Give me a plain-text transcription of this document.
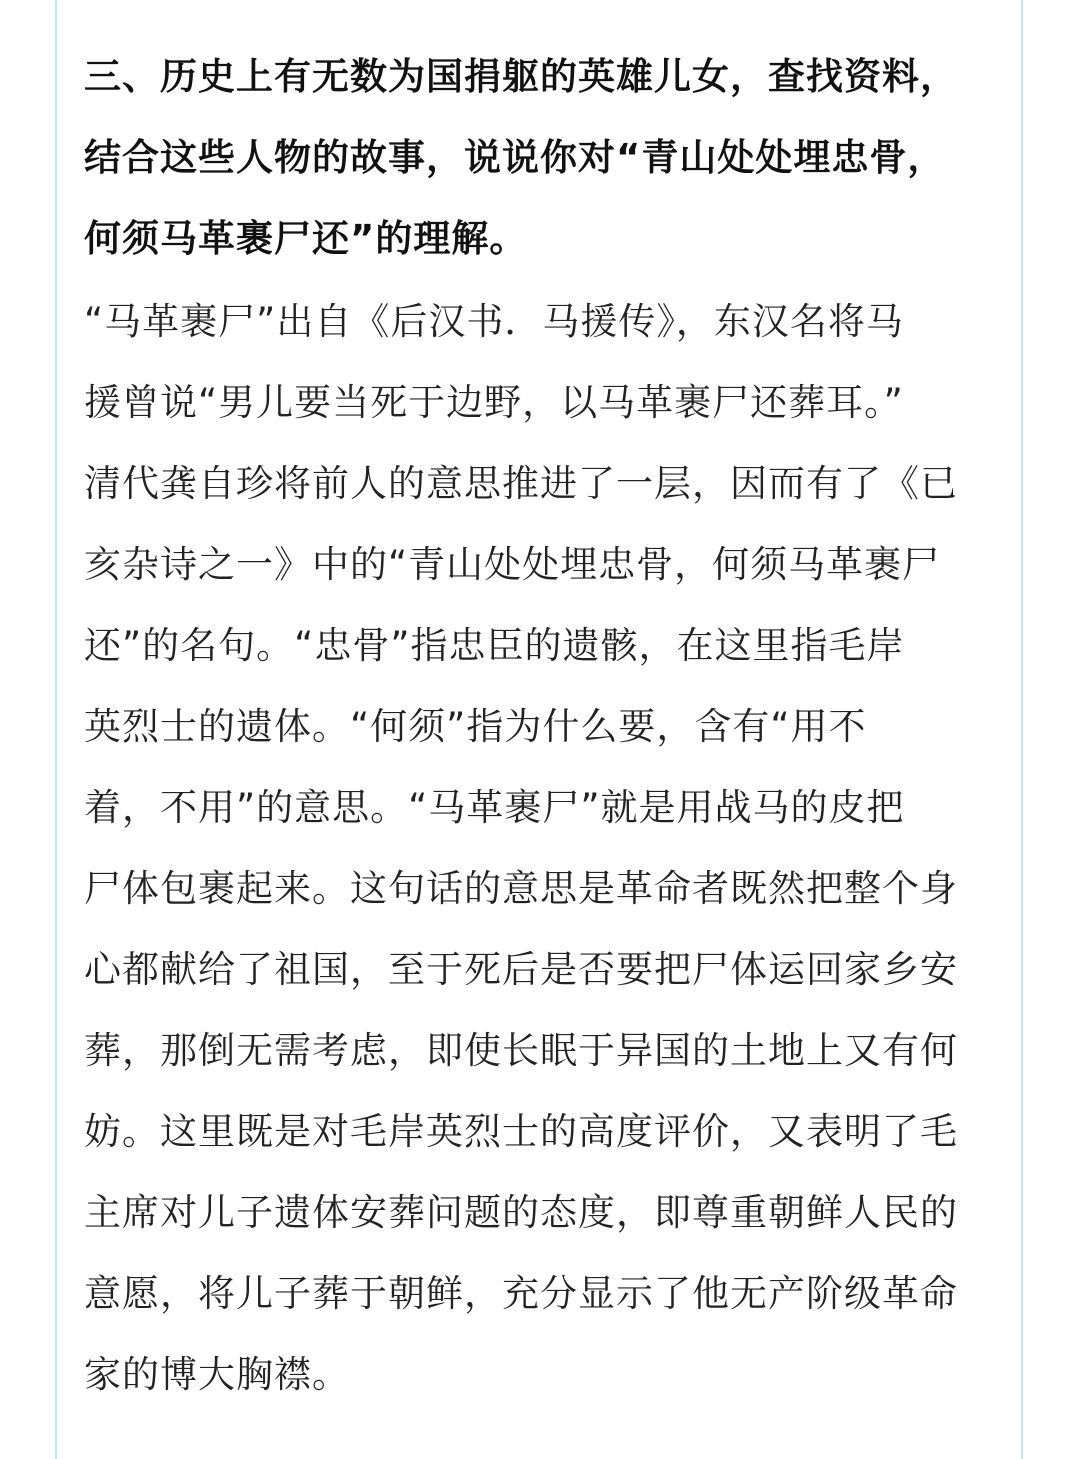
三、历史上有无数为国捐躯的英雄儿女，查找资料，
结合这些人物的故事，说说你对“青山处处埋忠骨，
何须马革裹尸还”的理解。

“马革裹尸”出自《后汉书．马援传》，东汉名将马
援曾说“男儿要当死于边野，以马革裹尸还葬耳。”
清代龚自珍将前人的意思推进了一层，因而有了《已
亥杂诗之一》中的“青山处处埋忠骨，何须马革裹尸
还”的名句。“忠骨”指忠臣的遗骸，在这里指毛岸
英烈士的遗体。“何须”指为什么要，含有“用不
着，不用”的意思。“马革裹尸”就是用战马的皮把
尸体包裹起来。这句话的意思是革命者既然把整个身
心都献给了祖国，至于死后是否要把尸体运回家乡安
葬，那倒无需考虑，即使长眠于异国的土地上又有何
妨。这里既是对毛岸英烈士的高度评价，又表明了毛
主席对儿子遗体安葬问题的态度，即尊重朝鲜人民的
意愿，将儿子葬于朝鲜，充分显示了他无产阶级革命
家的博大胸襟。
